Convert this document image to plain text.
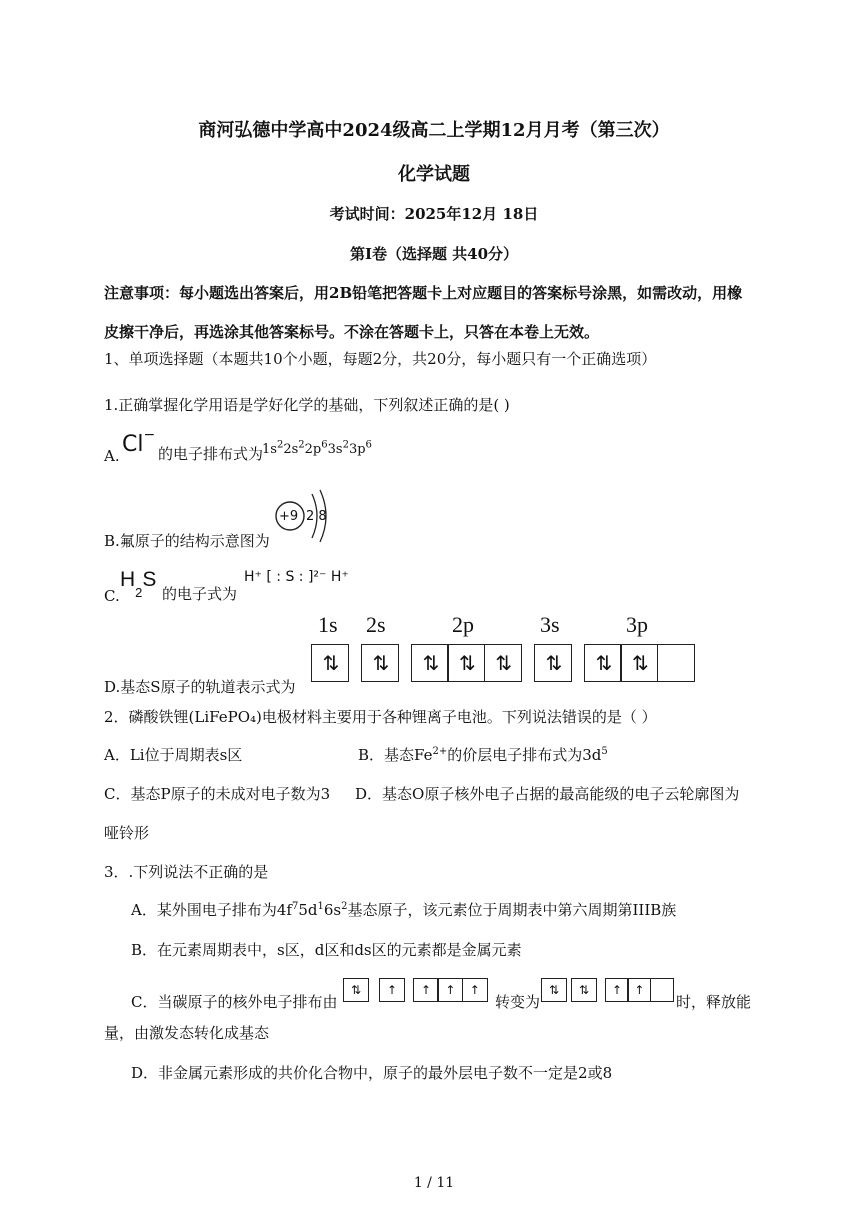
商河弘德中学高中2024级高二上学期12月月考（第三次）
化学试题
考试时间：2025年12月 18日
第I卷（选择题 共40分）
注意事项：每小题选出答案后，用2B铅笔把答题卡上对应题目的答案标号涂黑，如需改动，用橡
皮擦干净后，再选涂其他答案标号。不涂在答题卡上，只答在本卷上无效。
1、单项选择题（本题共10个小题，每题2分，共20分，每小题只有一个正确选项）
1.正确掌握化学用语是学好化学的基础，下列叙述正确的是( )
A. Cl−
的电子排布式为
$1s^22s^22p^63s^23p^6$
B.氟原子的结构示意图为
+9 2 8
C.
$H_2S$
的电子式为
H⁺ [ : S : ]²⁻ H⁺
1s 2s	2p	3s	3p
⇅	⇅	⇅	⇅	⇅	⇅	⇅	⇅
D.基态S原子的轨道表示式为
2．磷酸铁锂(LiFePO₄)电极材料主要用于各种锂离子电池。下列说法错误的是（ ）
A．Li位于周期表s区	B．基态$Fe^{2+}$的价层电子排布式为$3d^5$
C．基态P原子的未成对电子数为3 D．基态O原子核外电子占据的最高能级的电子云轮廓图为
哑铃形
3．.下列说法不正确的是
A．某外围电子排布为$4f^75d^16s^2$基态原子，该元素位于周期表中第六周期第IIIB族
B．在元素周期表中，s区，d区和ds区的元素都是金属元素
C．当碳原子的核外电子排布由
⇅	↑	↑	↑	↑
转变为
⇅	⇅	↑	↑
时，释放能
量，由激发态转化成基态
D．非金属元素形成的共价化合物中，原子的最外层电子数不一定是2或8
1 / 11
